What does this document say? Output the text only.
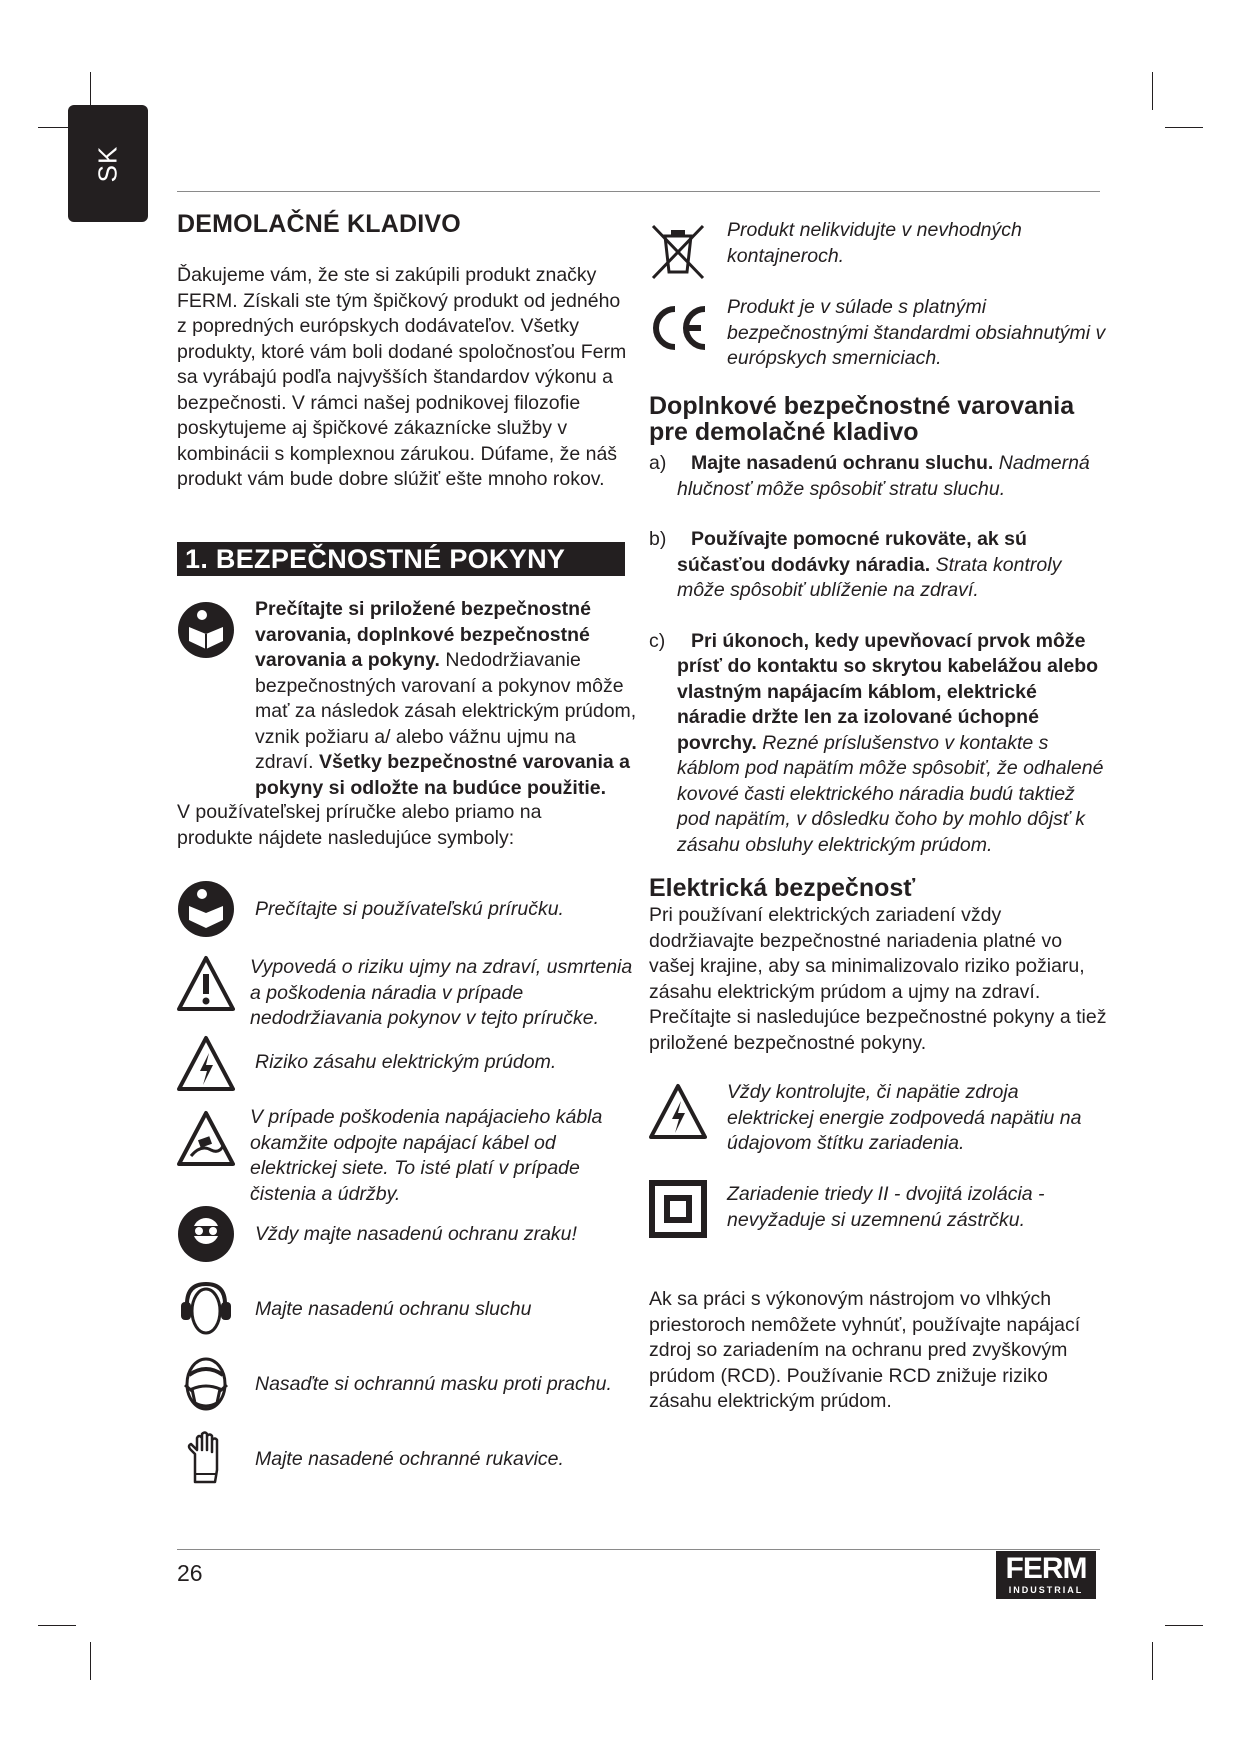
SK
DEMOLAČNÉ KLADIVO

Ďakujeme vám, že ste si zakúpili produkt značky FERM. Získali ste tým špičkový produkt od jedného z popredných európskych dodávateľov. Všetky produkty, ktoré vám boli dodané spoločnosťou Ferm sa vyrábajú podľa najvyšších štandardov výkonu a bezpečnosti. V rámci našej podnikovej filozofie poskytujeme aj špičkové zákaznícke služby v kombinácii s komplexnou zárukou. Dúfame, že náš produkt vám bude dobre slúžiť ešte mnoho rokov.

1. BEZPEČNOSTNÉ POKYNY

Prečítajte si priložené bezpečnostné varovania, doplnkové bezpečnostné varovania a pokyny. Nedodržiavanie bezpečnostných varovaní a pokynov môže mať za následok zásah elektrickým prúdom, vznik požiaru a/ alebo vážnu ujmu na zdraví. Všetky bezpečnostné varovania a pokyny si odložte na budúce použitie.

V používateľskej príručke alebo priamo na produkte nájdete nasledujúce symboly:

Prečítajte si používateľskú príručku.

Vypovedá o riziku ujmy na zdraví, usmrtenia a poškodenia náradia v prípade nedodržiavania pokynov v tejto príručke.

Riziko zásahu elektrickým prúdom.

V prípade poškodenia napájacieho kábla okamžite odpojte napájací kábel od elektrickej siete. To isté platí v prípade čistenia a údržby.

Vždy majte nasadenú ochranu zraku!

Majte nasadenú ochranu sluchu

Nasaďte si ochrannú masku proti prachu.

Majte nasadené ochranné rukavice.

Produkt nelikvidujte v nevhodných kontajneroch.

Produkt je v súlade s platnými bezpečnostnými štandardmi obsiahnutými v európskych smerniciach.

Doplnkové bezpečnostné varovania pre demolačné kladivo
a) Majte nasadenú ochranu sluchu. Nadmerná hlučnosť môže spôsobiť stratu sluchu.
b) Používajte pomocné rukoväte, ak sú súčasťou dodávky náradia. Strata kontroly môže spôsobiť ublíženie na zdraví.
c) Pri úkonoch, kedy upevňovací prvok môže prísť do kontaktu so skrytou kabelážou alebo vlastným napájacím káblom, elektrické náradie držte len za izolované úchopné povrchy. Rezné príslušenstvo v kontakte s káblom pod napätím môže spôsobiť, že odhalené kovové časti elektrického náradia budú taktiež pod napätím, v dôsledku čoho by mohlo dôjsť k zásahu obsluhy elektrickým prúdom.
Elektrická bezpečnosť

Pri používaní elektrických zariadení vždy dodržiavajte bezpečnostné nariadenia platné vo vašej krajine, aby sa minimalizovalo riziko požiaru, zásahu elektrickým prúdom a ujmy na zdraví. Prečítajte si nasledujúce bezpečnostné pokyny a tiež priložené bezpečnostné pokyny.

Vždy kontrolujte, či napätie zdroja elektrickej energie zodpovedá napätiu na údajovom štítku zariadenia.

Zariadenie triedy II - dvojitá izolácia - nevyžaduje si uzemnenú zástrčku.

Ak sa práci s výkonovým nástrojom vo vlhkých priestoroch nemôžete vyhnúť, používajte napájací zdroj so zariadením na ochranu pred zvyškovým prúdom (RCD). Používanie RCD znižuje riziko zásahu elektrickým prúdom.

26	FERM
INDUSTRIAL
